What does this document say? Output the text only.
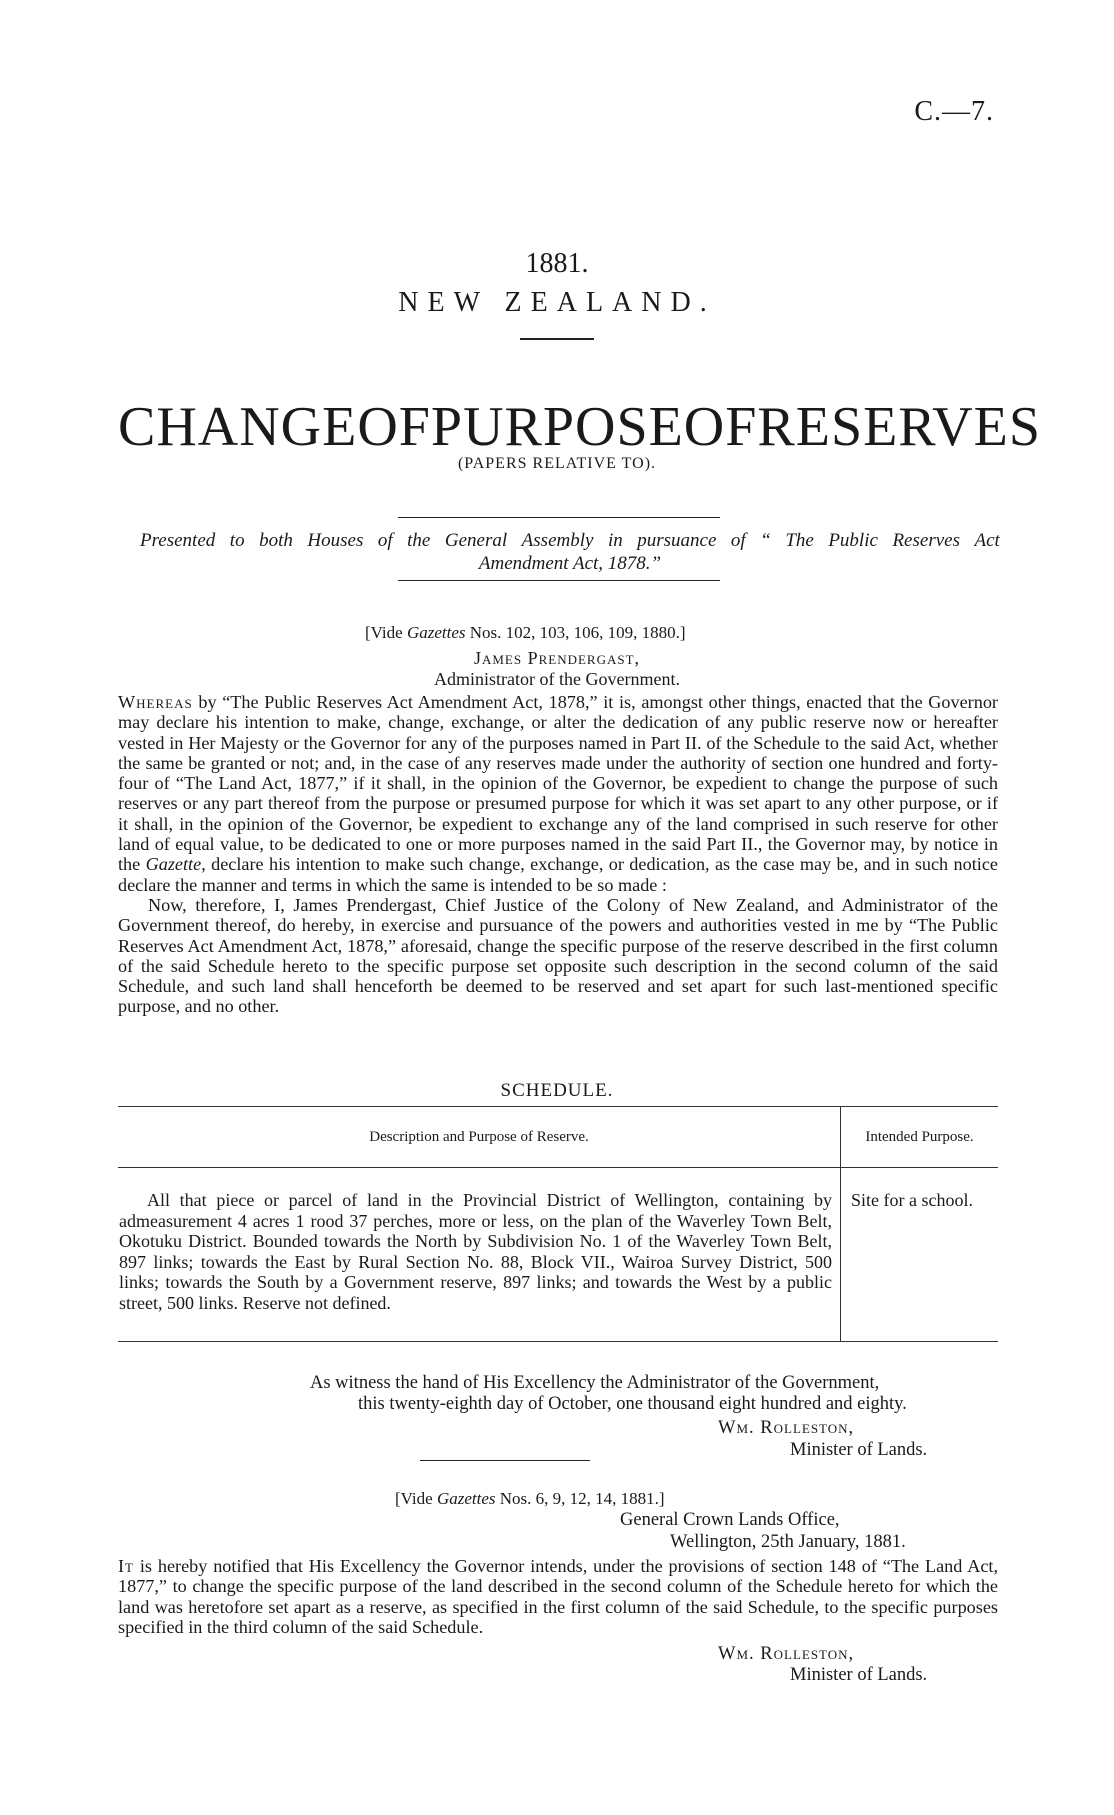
C.—7.
1881.
NEW ZEALAND.
CHANGE OF PURPOSE OF RESERVES
(PAPERS RELATIVE TO).
Presented to both Houses of the General Assembly in pursuance of “ The Public Reserves Act
Amendment Act, 1878.”
[Vide Gazettes Nos. 102, 103, 106, 109, 1880.]
James Prendergast,
Administrator of the Government.

Whereas by “The Public Reserves Act Amendment Act, 1878,” it is, amongst other things, enacted that the Governor may declare his intention to make, change, exchange, or alter the dedication of any public reserve now or hereafter vested in Her Majesty or the Governor for any of the purposes named in Part II. of the Schedule to the said Act, whether the same be granted or not; and, in the case of any reserves made under the authority of section one hundred and forty-four of “The Land Act, 1877,” if it shall, in the opinion of the Governor, be expedient to change the purpose of such reserves or any part thereof from the purpose or presumed purpose for which it was set apart to any other purpose, or if it shall, in the opinion of the Governor, be expedient to exchange any of the land comprised in such reserve for other land of equal value, to be dedicated to one or more purposes named in the said Part II., the Governor may, by notice in the Gazette, declare his intention to make such change, exchange, or dedication, as the case may be, and in such notice declare the manner and terms in which the same is intended to be so made :

Now, therefore, I, James Prendergast, Chief Justice of the Colony of New Zealand, and Administrator of the Government thereof, do hereby, in exercise and pursuance of the powers and authorities vested in me by “The Public Reserves Act Amendment Act, 1878,” aforesaid, change the specific purpose of the reserve described in the first column of the said Schedule hereto to the specific purpose set opposite such description in the second column of the said Schedule, and such land shall henceforth be deemed to be reserved and set apart for such last-mentioned specific purpose, and no other.

SCHEDULE.
Description and Purpose of Reserve.	Intended Purpose.
All that piece or parcel of land in the Provincial District of Wellington, containing by admeasurement 4 acres 1 rood 37 perches, more or less, on the plan of the Waverley Town Belt, Okotuku District. Bounded towards the North by Subdivision No. 1 of the Waverley Town Belt, 897 links; towards the East by Rural Section No. 88, Block VII., Wairoa Survey District, 500 links; towards the South by a Government reserve, 897 links; and towards the West by a public street, 500 links. Reserve not defined.	Site for a school.
As witness the hand of His Excellency the Administrator of the Government,
this twenty-eighth day of October, one thousand eight hundred and eighty.
Wm. Rolleston,
Minister of Lands.
[Vide Gazettes Nos. 6, 9, 12, 14, 1881.]
General Crown Lands Office,
Wellington, 25th January, 1881.

It is hereby notified that His Excellency the Governor intends, under the provisions of section 148 of “The Land Act, 1877,” to change the specific purpose of the land described in the second column of the Schedule hereto for which the land was heretofore set apart as a reserve, as specified in the first column of the said Schedule, to the specific purposes specified in the third column of the said Schedule.

Wm. Rolleston,
Minister of Lands.
